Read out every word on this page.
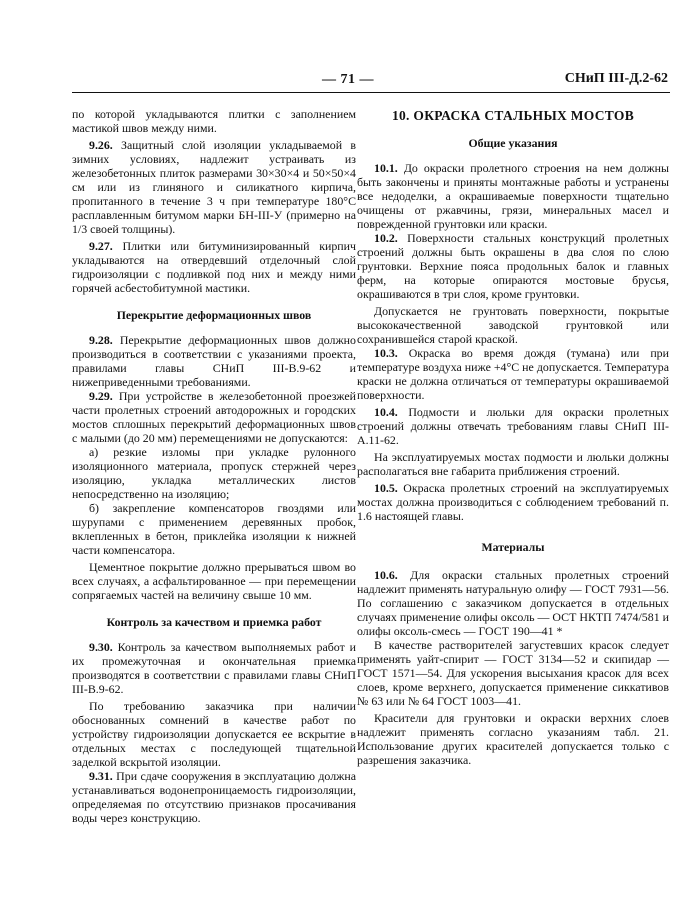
— 71 —	СНиП III-Д.2-62

по которой укладываются плитки с заполнением мастикой швов между ними.

9.26. Защитный слой изоляции укладываемой в зимних условиях, надлежит устраивать из железобетонных плиток размерами 30×30×4 и 50×50×4 см или из глиняного и силикатного кирпича, пропитанного в течение 3 ч при температуре 180°С расплавленным битумом марки БН-III-У (примерно на 1/3 своей толщины).

9.27. Плитки или битуминизированный кирпич укладываются на отвердевший отделочный слой гидроизоляции с подливкой под них и между ними горячей асбестобитумной мастики.

Перекрытие деформационных швов

9.28. Перекрытие деформационных швов должно производиться в соответствии с указаниями проекта, правилами главы СНиП III-В.9-62 и нижеприведенными требованиями.

9.29. При устройстве в железобетонной проезжей части пролетных строений автодорожных и городских мостов сплошных перекрытий деформационных швов с малыми (до 20 мм) перемещениями не допускаются:

а) резкие изломы при укладке рулонного изоляционного материала, пропуск стержней через изоляцию, укладка металлических листов непосредственно на изоляцию;

б) закрепление компенсаторов гвоздями или шурупами с применением деревянных пробок, вклепленных в бетон, приклейка изоляции к нижней части компенсатора.

Цементное покрытие должно прерываться швом во всех случаях, а асфальтированное — при перемещении сопрягаемых частей на величину свыше 10 мм.

Контроль за качеством и приемка работ

9.30. Контроль за качеством выполняемых работ и их промежуточная и окончательная приемка производятся в соответствии с правилами главы СНиП III-В.9-62.

По требованию заказчика при наличии обоснованных сомнений в качестве работ по устройству гидроизоляции допускается ее вскрытие в отдельных местах с последующей тщательной заделкой вскрытой изоляции.

9.31. При сдаче сооружения в эксплуатацию должна устанавливаться водонепроницаемость гидроизоляции, определяемая по отсутствию признаков просачивания воды через конструкцию.

10. ОКРАСКА СТАЛЬНЫХ МОСТОВ
Общие указания

10.1. До окраски пролетного строения на нем должны быть закончены и приняты монтажные работы и устранены все недоделки, а окрашиваемые поверхности тщательно очищены от ржавчины, грязи, минеральных масел и поврежденной грунтовки или краски.

10.2. Поверхности стальных конструкций пролетных строений должны быть окрашены в два слоя по слою грунтовки. Верхние пояса продольных балок и главных ферм, на которые опираются мостовые брусья, окрашиваются в три слоя, кроме грунтовки.

Допускается не грунтовать поверхности, покрытые высококачественной заводской грунтовкой или сохранившейся старой краской.

10.3. Окраска во время дождя (тумана) или при температуре воздуха ниже +4°С не допускается. Температура краски не должна отличаться от температуры окрашиваемой поверхности.

10.4. Подмости и люльки для окраски пролетных строений должны отвечать требованиям главы СНиП III-А.11-62.

На эксплуатируемых мостах подмости и люльки должны располагаться вне габарита приближения строений.

10.5. Окраска пролетных строений на эксплуатируемых мостах должна производиться с соблюдением требований п. 1.6 настоящей главы.

Материалы

10.6. Для окраски стальных пролетных строений надлежит применять натуральную олифу — ГОСТ 7931—56. По соглашению с заказчиком допускается в отдельных случаях применение олифы оксоль — ОСТ НКТП 7474/581 и олифы оксоль-смесь — ГОСТ 190—41 *

В качестве растворителей загустевших красок следует применять уайт-спирит — ГОСТ 3134—52 и скипидар — ГОСТ 1571—54. Для ускорения высыхания красок для всех слоев, кроме верхнего, допускается применение сиккативов № 63 или № 64 ГОСТ 1003—41.

Красители для грунтовки и окраски верхних слоев надлежит применять согласно указаниям табл. 21. Использование других красителей допускается только с разрешения заказчика.
